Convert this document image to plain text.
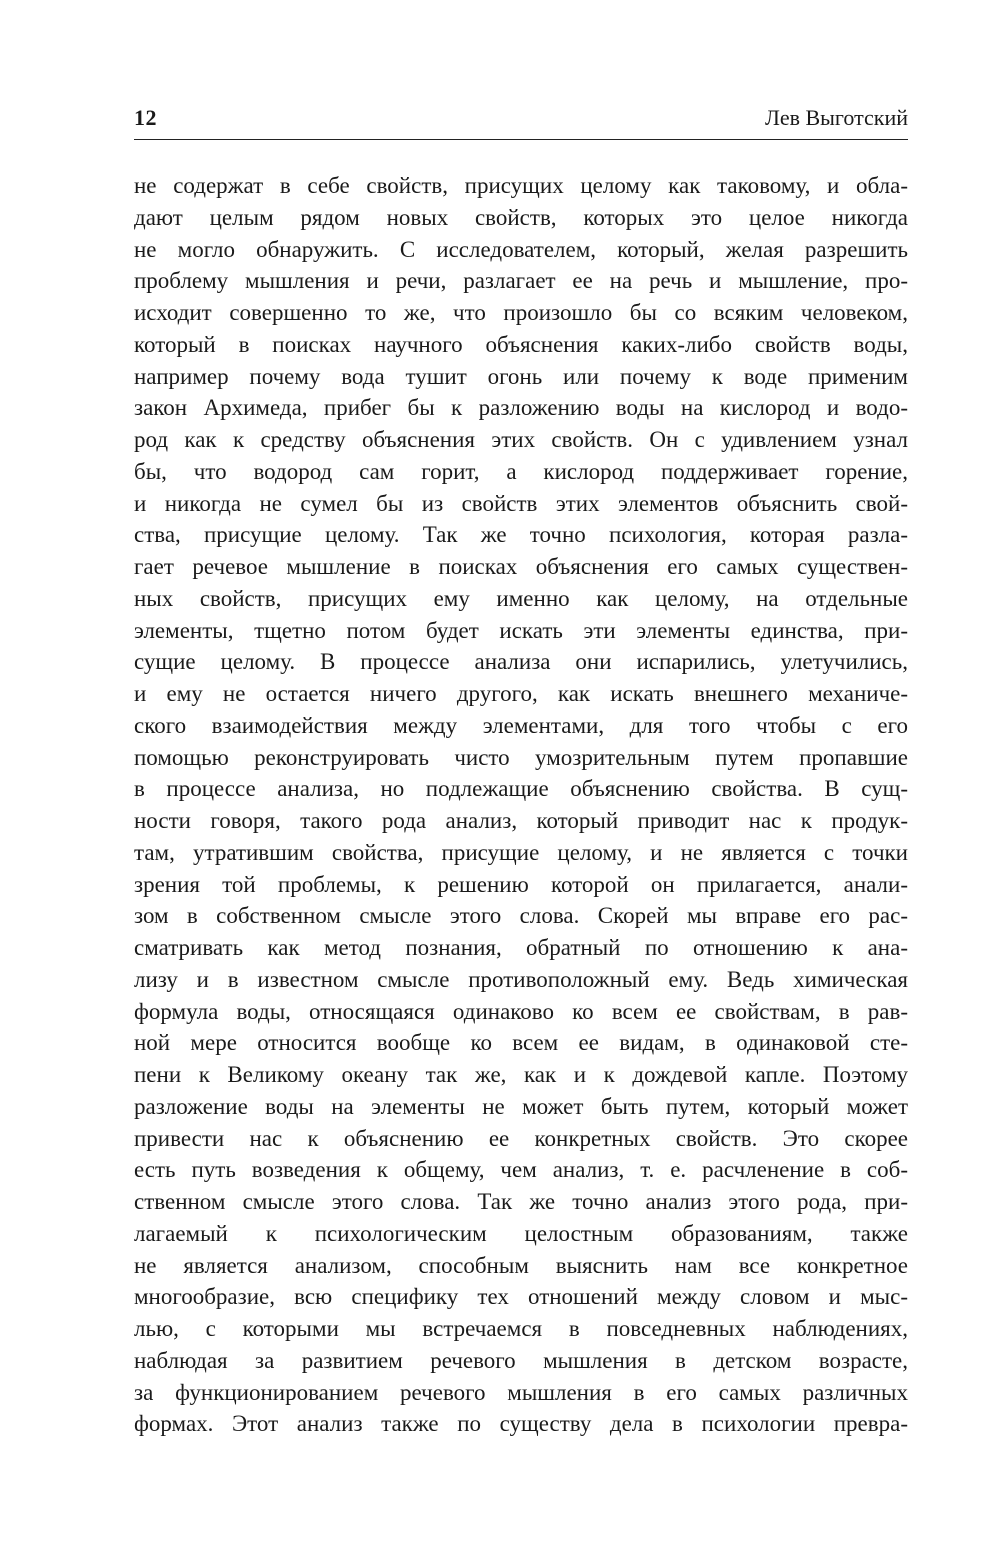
12	Лев Выготский
не содержат в себе свойств, присущих целому как таковому, и обла-
дают целым рядом новых свойств, которых это целое никогда
не могло обнаружить. С исследователем, который, желая разрешить
проблему мышления и речи, разлагает ее на речь и мышление, про-
исходит совершенно то же, что произошло бы со всяким человеком,
который в поисках научного объяснения каких-либо свойств воды,
например почему вода тушит огонь или почему к воде применим
закон Архимеда, прибег бы к разложению воды на кислород и водо-
род как к средству объяснения этих свойств. Он с удивлением узнал
бы, что водород сам горит, а кислород поддерживает горение,
и никогда не сумел бы из свойств этих элементов объяснить свой-
ства, присущие целому. Так же точно психология, которая разла-
гает речевое мышление в поисках объяснения его самых существен-
ных свойств, присущих ему именно как целому, на отдельные
элементы, тщетно потом будет искать эти элементы единства, при-
сущие целому. В процессе анализа они испарились, улетучились,
и ему не остается ничего другого, как искать внешнего механиче-
ского взаимодействия между элементами, для того чтобы с его
помощью реконструировать чисто умозрительным путем пропавшие
в процессе анализа, но подлежащие объяснению свойства. В сущ-
ности говоря, такого рода анализ, который приводит нас к продук-
там, утратившим свойства, присущие целому, и не является с точки
зрения той проблемы, к решению которой он прилагается, анали-
зом в собственном смысле этого слова. Скорей мы вправе его рас-
сматривать как метод познания, обратный по отношению к ана-
лизу и в известном смысле противоположный ему. Ведь химическая
формула воды, относящаяся одинаково ко всем ее свойствам, в рав-
ной мере относится вообще ко всем ее видам, в одинаковой сте-
пени к Великому океану так же, как и к дождевой капле. Поэтому
разложение воды на элементы не может быть путем, который может
привести нас к объяснению ее конкретных свойств. Это скорее
есть путь возведения к общему, чем анализ, т. е. расчленение в соб-
ственном смысле этого слова. Так же точно анализ этого рода, при-
лагаемый к психологическим целостным образованиям, также
не является анализом, способным выяснить нам все конкретное
многообразие, всю специфику тех отношений между словом и мыс-
лью, с которыми мы встречаемся в повседневных наблюдениях,
наблюдая за развитием речевого мышления в детском возрасте,
за функционированием речевого мышления в его самых различных
формах. Этот анализ также по существу дела в психологии превра-
